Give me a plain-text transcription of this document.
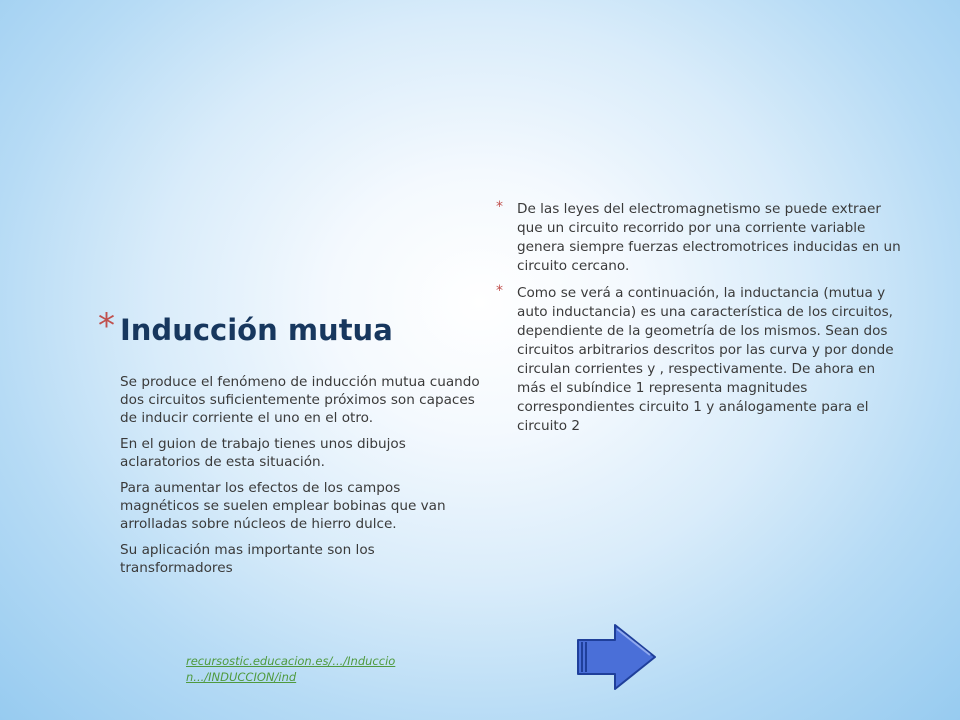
* Inducción mutua

Se produce el fenómeno de inducción mutua cuando dos circuitos suficientemente próximos son capaces de inducir corriente el uno en el otro.

En el guion de trabajo tienes unos dibujos aclaratorios de esta situación.

Para aumentar los efectos de los campos magnéticos se suelen emplear bobinas que van arrolladas sobre núcleos de hierro dulce.

Su aplicación mas importante son los transformadores

* De las leyes del electromagnetismo se puede extraer que un circuito recorrido por una corriente variable genera siempre fuerzas electromotrices inducidas en un circuito cercano.
* Como se verá a continuación, la inductancia (mutua y auto inductancia) es una característica de los circuitos, dependiente de la geometría de los mismos. Sean dos circuitos arbitrarios descritos por las curva y por donde circulan corrientes y , respectivamente. De ahora en más el subíndice 1 representa magnitudes correspondientes circuito 1 y análogamente para el circuito 2
recursostic.educacion.es/.../Induccion.../INDUCCION/ind
